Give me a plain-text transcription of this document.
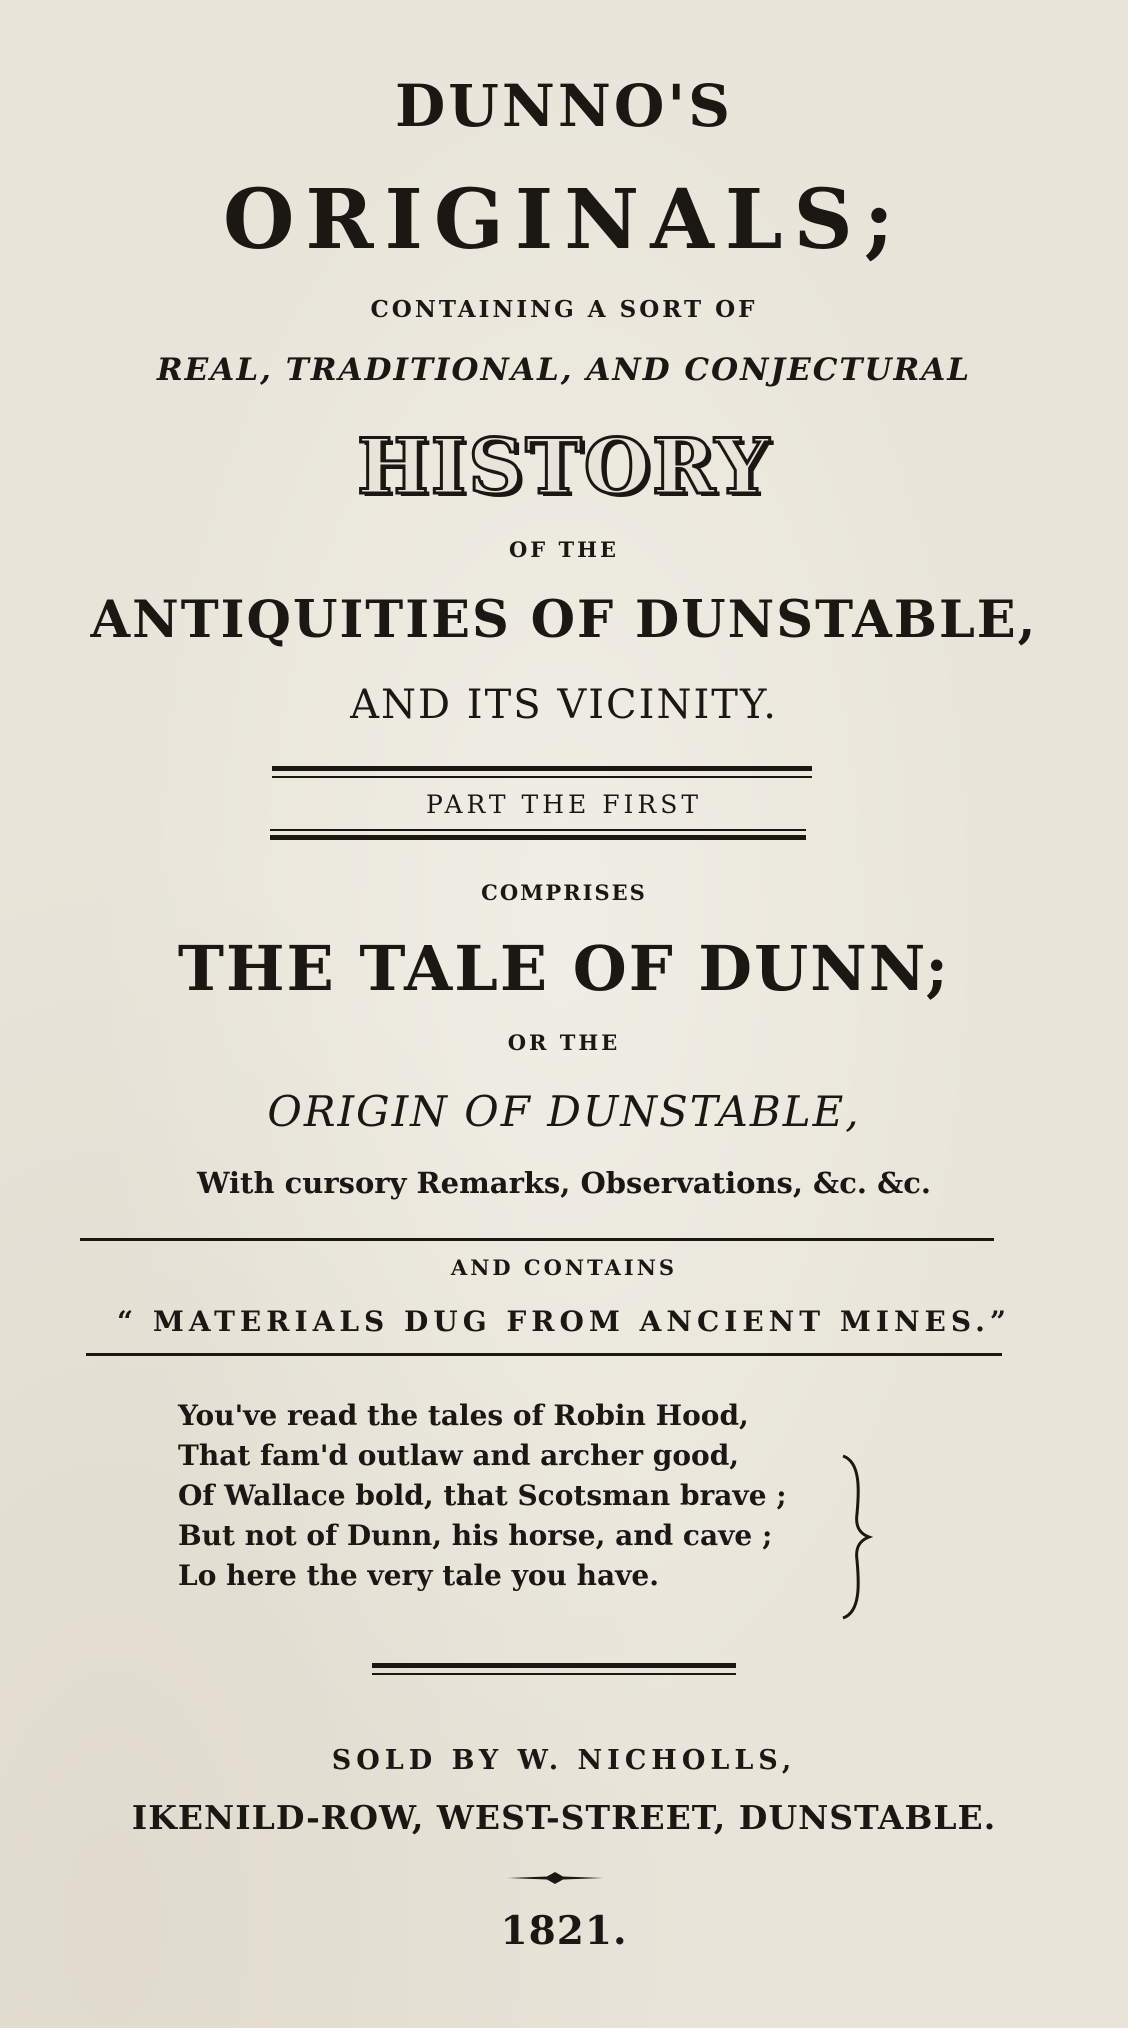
DUNNO'S

ORIGINALS;

CONTAINING A SORT OF

REAL, TRADITIONAL, AND CONJECTURAL

HISTORY

OF THE

ANTIQUITIES OF DUNSTABLE,

AND ITS VICINITY.

PART THE FIRST

COMPRISES

THE TALE OF DUNN;

OR THE

ORIGIN OF DUNSTABLE,

With cursory Remarks, Observations, &c. &c.

AND CONTAINS

“ MATERIALS DUG FROM ANCIENT MINES.”

You've read the tales of Robin Hood,

That fam'd outlaw and archer good,

Of Wallace bold, that Scotsman brave ;

But not of Dunn, his horse, and cave ;

Lo here the very tale you have.

SOLD BY W. NICHOLLS,

IKENILD-ROW, WEST-STREET, DUNSTABLE.

1821.
